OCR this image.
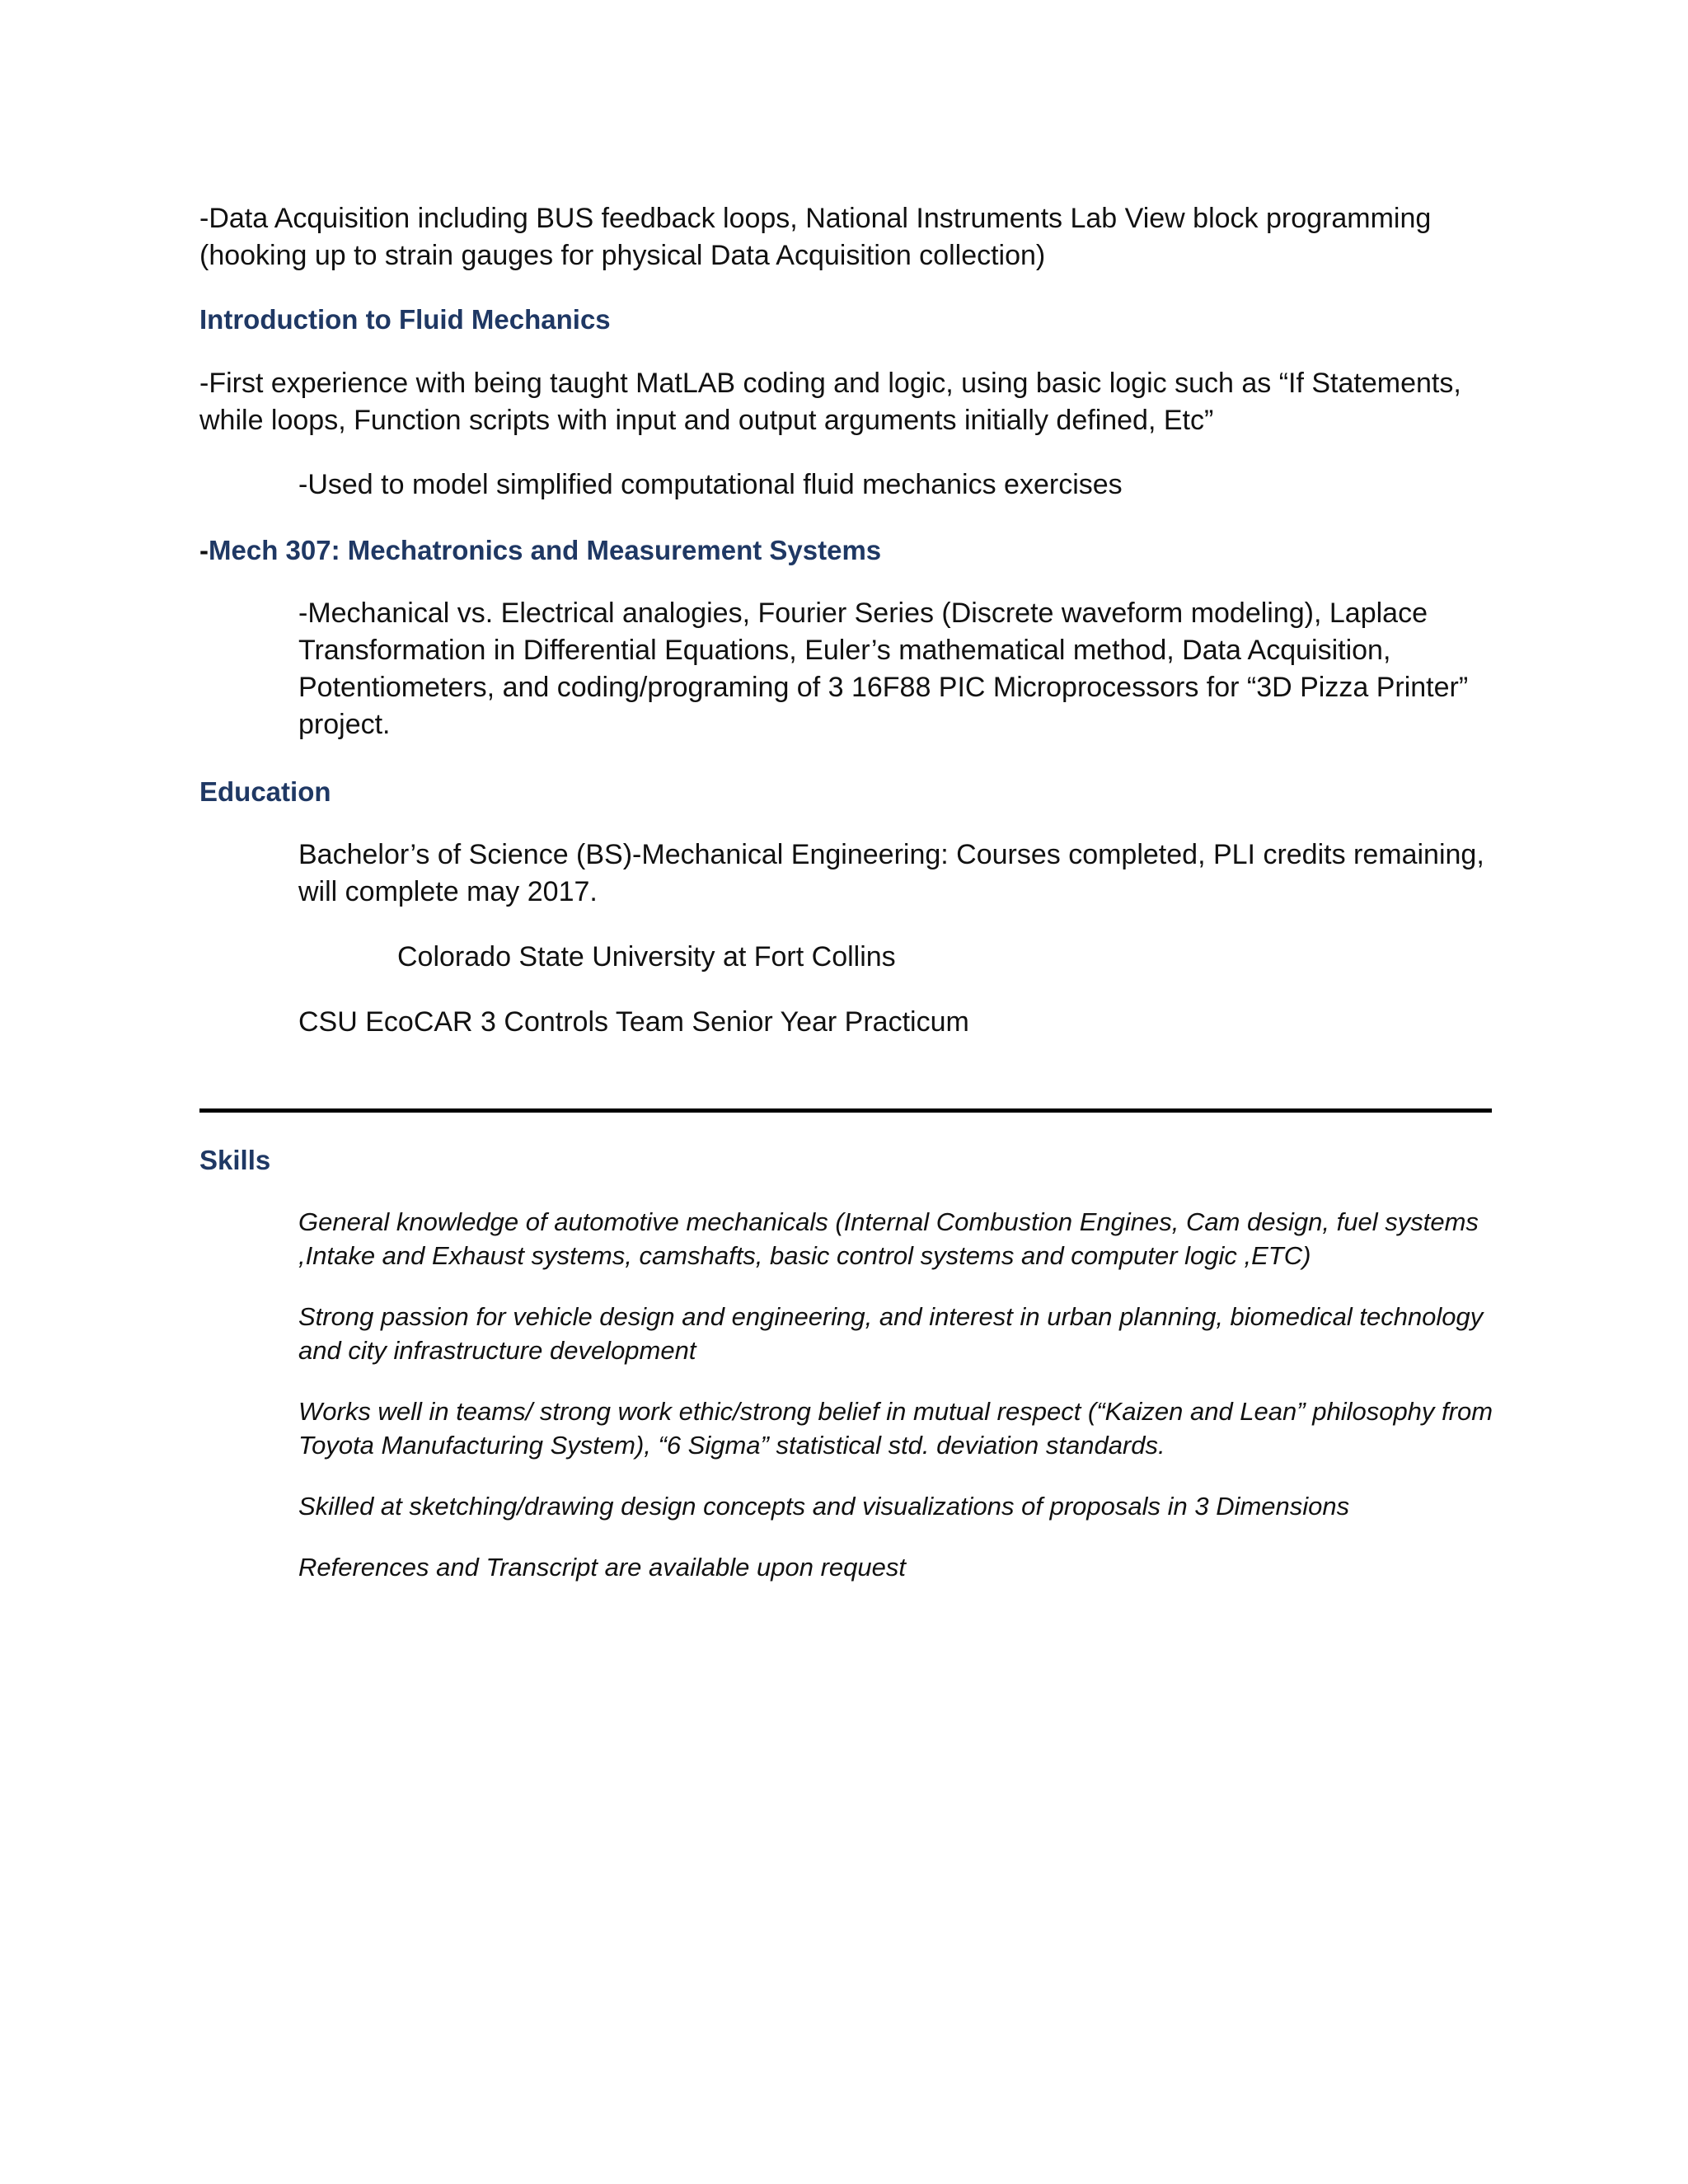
-Data Acquisition including BUS feedback loops, National Instruments Lab View block programming (hooking up to strain gauges for physical Data Acquisition collection)

Introduction to Fluid Mechanics

-First experience with being taught MatLAB coding and logic, using basic logic such as “If Statements, while loops, Function scripts with input and output arguments initially defined, Etc”

-Used to model simplified computational fluid mechanics exercises

-Mech 307: Mechatronics and Measurement Systems

-Mechanical vs. Electrical analogies, Fourier Series (Discrete waveform modeling), Laplace Transformation in Differential Equations, Euler’s mathematical method, Data Acquisition, Potentiometers, and coding/programing of 3 16F88 PIC Microprocessors for “3D Pizza Printer” project.

Education

Bachelor’s of Science (BS)-Mechanical Engineering: Courses completed, PLI credits remaining, will complete may 2017.

Colorado State University at Fort Collins

CSU EcoCAR 3 Controls Team Senior Year Practicum

Skills

General knowledge of automotive mechanicals (Internal Combustion Engines, Cam design, fuel systems ,Intake and Exhaust systems, camshafts, basic control systems and computer logic ,ETC)

Strong passion for vehicle design and engineering, and interest in urban planning, biomedical technology and city infrastructure development

Works well in teams/ strong work ethic/strong belief in mutual respect (“Kaizen and Lean” philosophy from Toyota Manufacturing System), “6 Sigma” statistical std. deviation standards.

Skilled at sketching/drawing design concepts and visualizations of proposals in 3 Dimensions

References and Transcript are available upon request
